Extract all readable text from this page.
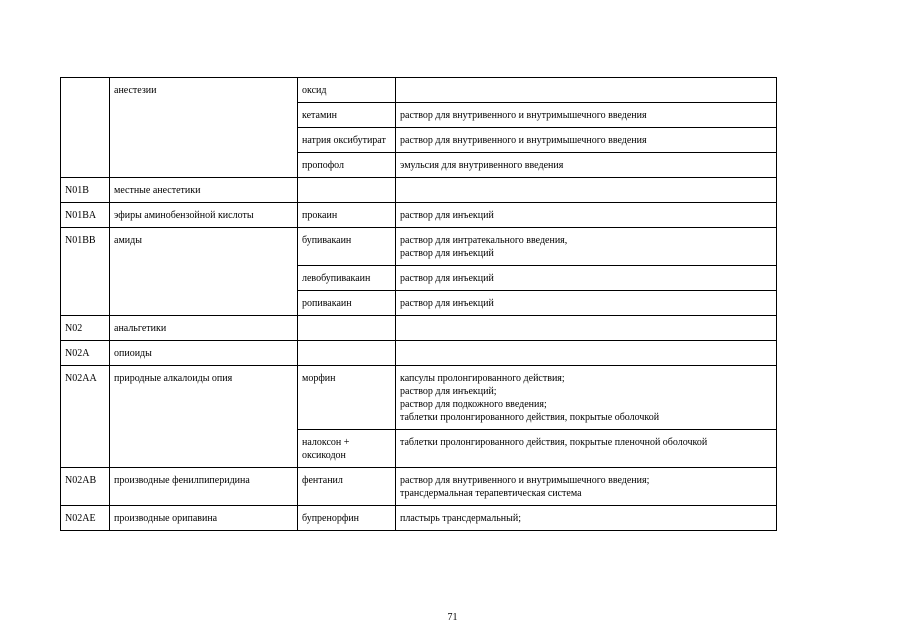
	анестезии	оксид	
		кетамин	раствор для внутривенного и внутримышечного введения
		натрия оксибутират	раствор для внутривенного и внутримышечного введения
		пропофол	эмульсия для внутривенного введения
N01B	местные анестетики		
N01BA	эфиры аминобензойной кислоты	прокаин	раствор для инъекций
N01BB	амиды	бупивакаин	раствор для интратекального введения,
раствор для инъекций
		левобупивакаин	раствор для инъекций
		ропивакаин	раствор для инъекций
N02	анальгетики		
N02A	опиоиды		
N02AA	природные алкалоиды опия	морфин	капсулы пролонгированного действия;
раствор для инъекций;
раствор для подкожного введения;
таблетки пролонгированного действия, покрытые оболочкой
		налоксон + оксикодон	таблетки пролонгированного действия, покрытые пленочной оболочкой
N02AB	производные фенилпиперидина	фентанил	раствор для внутривенного и внутримышечного введения;
трансдермальная терапевтическая система
N02AE	производные орипавина	бупренорфин	пластырь трансдермальный;
71
